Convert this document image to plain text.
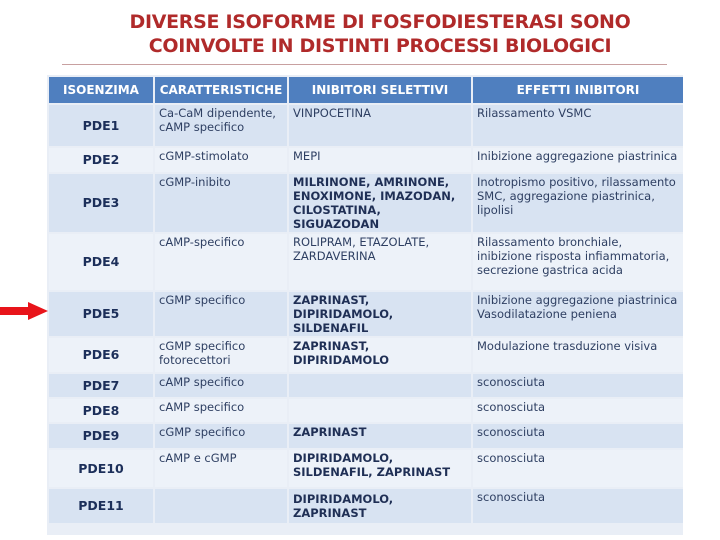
DIVERSE ISOFORME DI FOSFODIESTERASI SONO
COINVOLTE IN DISTINTI PROCESSI BIOLOGICI
ISOENZIMA	CARATTERISTICHE	INIBITORI SELETTIVI	EFFETTI INIBITORI
PDE1	Ca-CaM dipendente, cAMP specifico	VINPOCETINA	Rilassamento VSMC
PDE2	cGMP-stimolato	MEPI	Inibizione aggregazione piastrinica
PDE3	cGMP-inibito	MILRINONE, AMRINONE, ENOXIMONE, IMAZODAN, CILOSTATINA, SIGUAZODAN	Inotropismo positivo, rilassamento SMC, aggregazione piastrinica, lipolisi
PDE4	cAMP-specifico	ROLIPRAM, ETAZOLATE, ZARDAVERINA	Rilassamento bronchiale, inibizione risposta infiammatoria, secrezione gastrica acida
PDE5	cGMP specifico	ZAPRINAST, DIPIRIDAMOLO, SILDENAFIL	Inibizione aggregazione piastrinica Vasodilatazione peniena
PDE6	cGMP specifico fotorecettori	ZAPRINAST, DIPIRIDAMOLO	Modulazione trasduzione visiva
PDE7	cAMP specifico		sconosciuta
PDE8	cAMP specifico		sconosciuta
PDE9	cGMP specifico	ZAPRINAST	sconosciuta
PDE10	cAMP e cGMP	DIPIRIDAMOLO, SILDENAFIL, ZAPRINAST	sconosciuta
PDE11		DIPIRIDAMOLO, ZAPRINAST	sconosciuta
